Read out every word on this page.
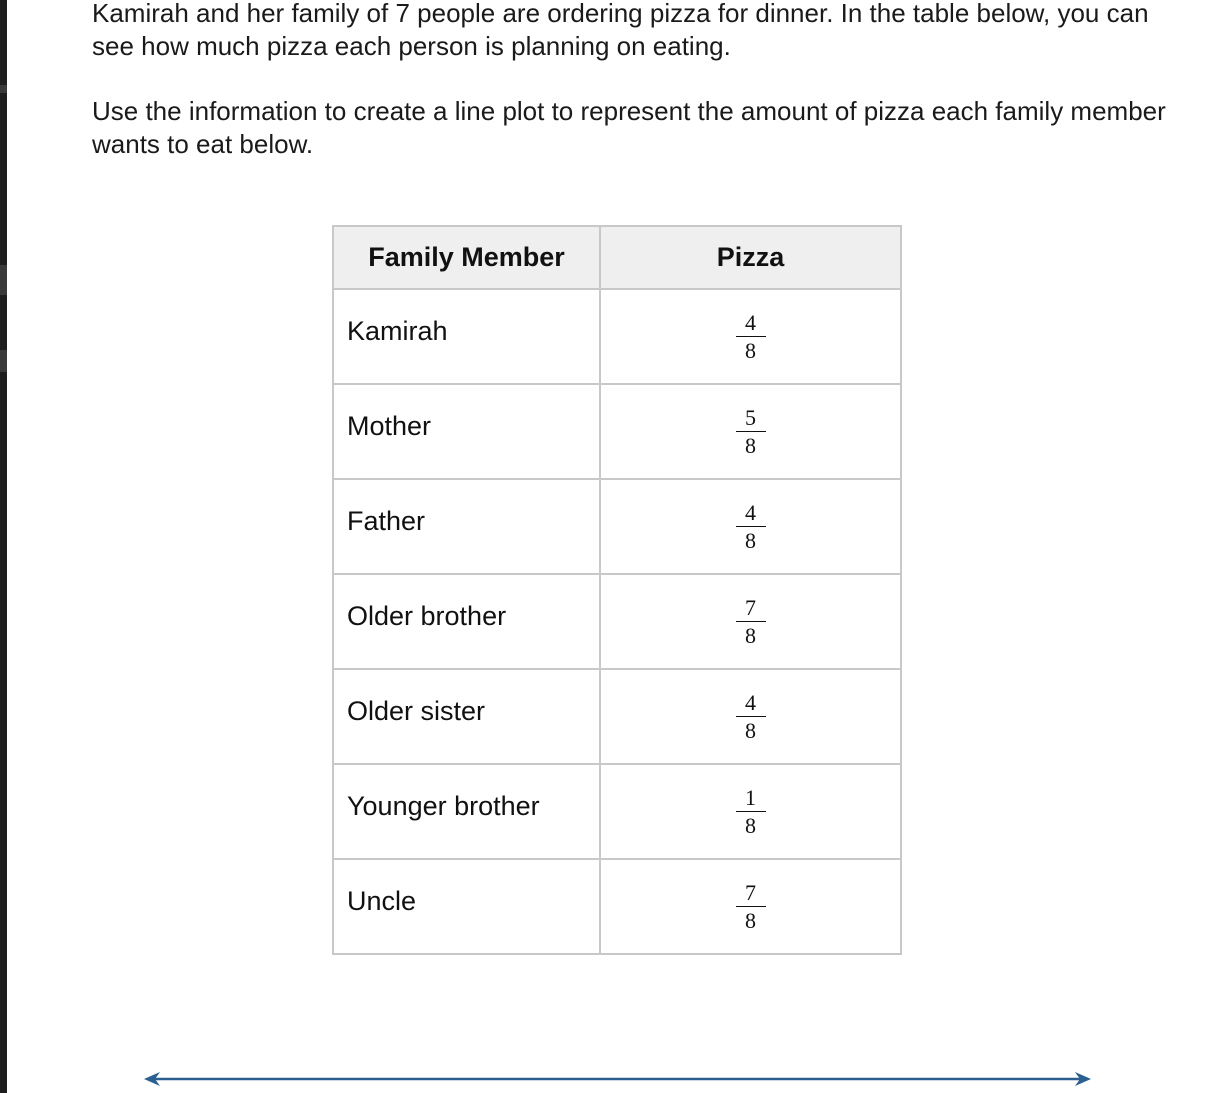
Kamirah and her family of 7 people are ordering pizza for dinner. In the table below, you can see how much pizza each person is planning on eating.

Use the information to create a line plot to represent the amount of pizza each family member wants to eat below.

Family Member	Pizza
Kamirah	$\frac{4}{8}$

Mother	$\frac{5}{8}$

Father	$\frac{4}{8}$

Older brother	$\frac{7}{8}$

Older sister	$\frac{4}{8}$

Younger brother	$\frac{1}{8}$

Uncle	$\frac{7}{8}$
